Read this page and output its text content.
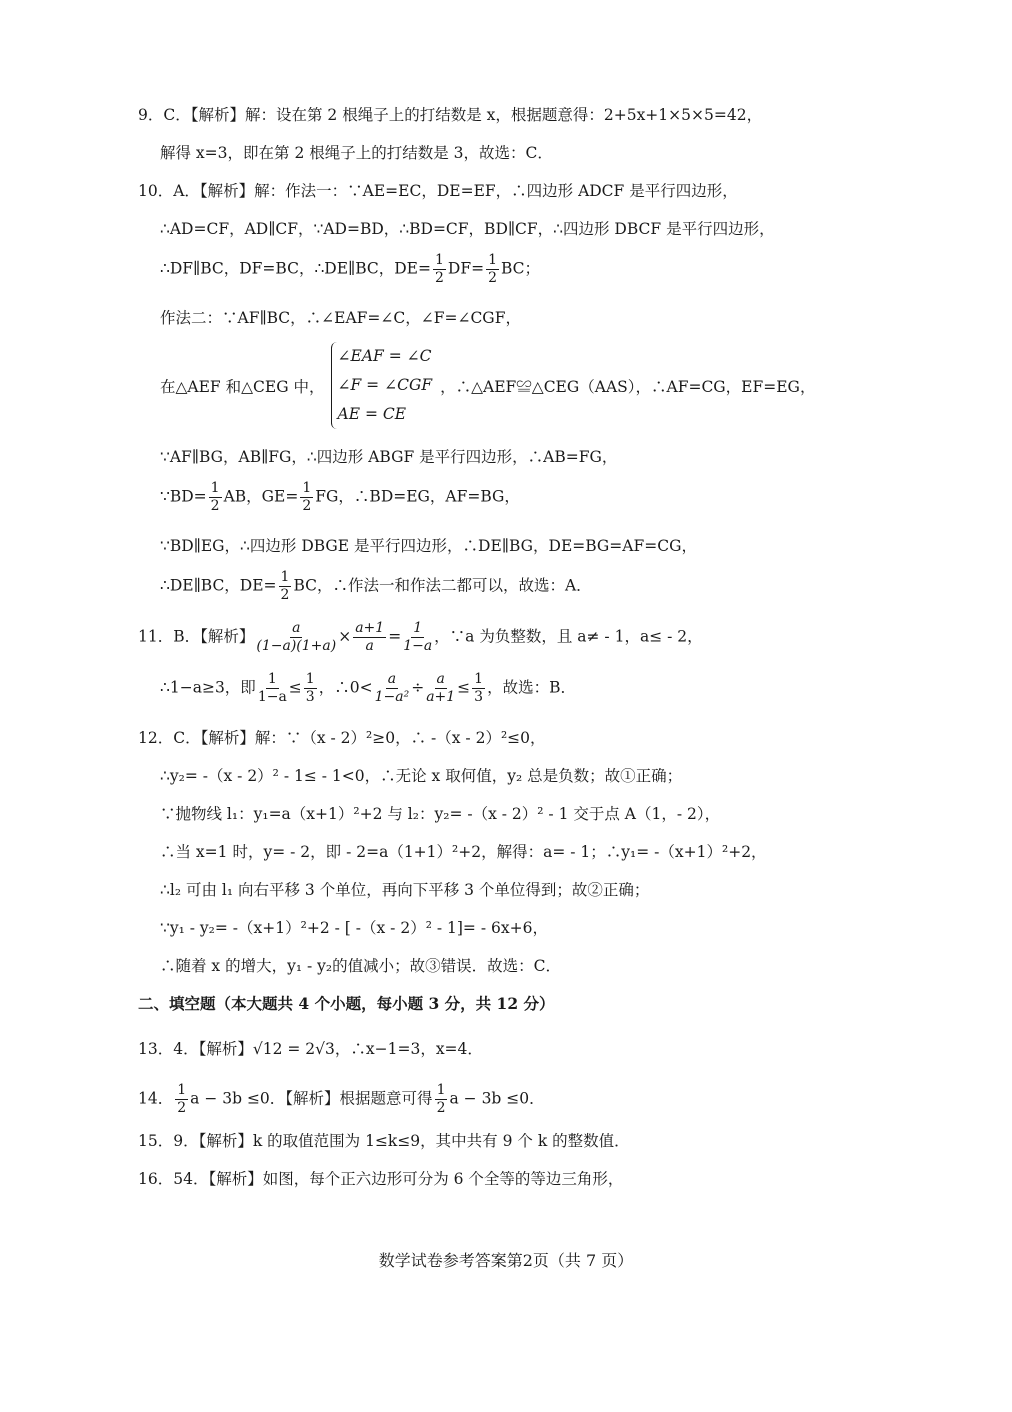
9．C．【解析】解：设在第 2 根绳子上的打结数是 x，根据题意得：2+5x+1×5×5=42，
解得 x=3，即在第 2 根绳子上的打结数是 3，故选：C．
10．A．【解析】解：作法一：∵AE=EC，DE=EF，∴四边形 ADCF 是平行四边形，
∴AD=CF，AD∥CF，∵AD=BD，∴BD=CF，BD∥CF，∴四边形 DBCF 是平行四边形，
∴DF∥BC，DF=BC，∴DE∥BC，$DE= \frac{1}{2} DF= \frac{1}{2}$ BC；
作法二：∵AF∥BC，∴∠EAF=∠C，∠F=∠CGF，
在△AEF 和△CEG 中，
∠EAF = ∠C
∠F = ∠CGF
AE = CE
，∴△AEF≌△CEG（AAS），∴AF=CG，EF=EG，
∵AF∥BG，AB∥FG，∴四边形 ABGF 是平行四边形，∴AB=FG，
∵BD= $\frac{1}{2}$ AB，$GE= \frac{1}{2}$ FG，∴BD=EG，AF=BG，
∵BD∥EG，∴四边形 DBGE 是平行四边形，∴DE∥BG，DE=BG=AF=CG，
∴DE∥BC，$DE= \frac{1}{2}$ BC，∴作法一和作法二都可以，故选：A．
11．B．【解析】 $\frac{a}{(1-a)(1+a)} \times \frac{a+1}{a} = \frac{1}{1-a}$ ，∵a 为负整数，且 a≠ - 1，a≤ - 2，
∴1−a≥3，即 $\frac{1}{1-a} \le \frac{1}{3}$ ，∴0< $\frac{a}{\text{1−a²}} \div \frac{a}{a+1} \le \frac{1}{3}$ ，故选：B．
12．C．【解析】解：∵（x - 2）²≥0，∴ -（x - 2）²≤0，
∴y₂= -（x - 2）² - 1≤ - 1<0，∴无论 x 取何值，y₂ 总是负数；故①正确；
∵抛物线 l₁：y₁=a（x+1）²+2 与 l₂：y₂= -（x - 2）² - 1 交于点 A（1，- 2），
∴当 x=1 时，y= - 2，即 - 2=a（1+1）²+2，解得：a= - 1；∴y₁= -（x+1）²+2，
∴l₂ 可由 l₁ 向右平移 3 个单位，再向下平移 3 个单位得到；故②正确；
∵y₁ - y₂= -（x+1）²+2 - [ -（x - 2）² - 1]= - 6x+6，
∴随着 x 的增大，y₁ - y₂的值减小；故③错误．故选：C．
二、填空题（本大题共 4 个小题，每小题 3 分，共 12 分）
13．4．【解析】√12 = 2√3，∴x−1=3，x=4．
14． $\frac{1}{2}$ a − 3b ≤0．【解析】根据题意可得 $\frac{1}{2}$ a − 3b ≤0．
15．9．【解析】k 的取值范围为 1≤k≤9，其中共有 9 个 k 的整数值．
16．54．【解析】如图，每个正六边形可分为 6 个全等的等边三角形，
数学试卷参考答案第2页（共 7 页）
